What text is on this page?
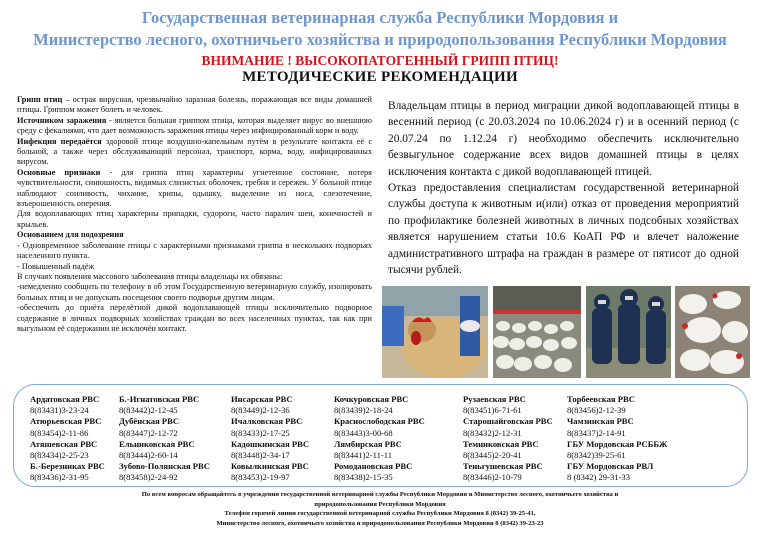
Государственная ветеринарная служба Республики Мордовия и
Министерство лесного, охотничьего хозяйства и природопользования Республики Мордовия
ВНИМАНИЕ ! ВЫСОКОПАТОГЕННЫЙ ГРИПП ПТИЦ!
МЕТОДИЧЕСКИЕ РЕКОМЕНДАЦИИ

Грипп птиц – острая вирусная, чрезвычайно заразная болезнь, поражающая все виды домашней птицы. Гриппом может болеть и человек.

Источником заражения - является больная гриппом птица, которая выделяет вирус во внешнюю среду с фекалиями, что дает возможность заражения птицы через инфицированный корм и воду.

Инфекция передаётся здоровой птице воздушно-капельным путём в результате контакта её с больной, а также через обслуживающий персонал, транспорт, корма, воду, инфицированных вирусом.

Основные признаки - для гриппа птиц характерны угнетенное состояние, потеря чувствительности, синюшность, видимых слизистых оболочек, гребня и сережек. У больной птице наблюдают сонливость, чихание, хрипы, одышку, выделение из носа, слезотечение, взъерошенность оперения.

Для водоплавающих птиц характерны припадки, судороги, часто паралич шеи, конечностей и крыльев.

Основанием для подозрения

- Одновременное заболевание птицы с характерными признаками гриппа в нескольких подворьях населенного пункта.

- Повышенный падёж

В случаях появления массового заболевания птицы владельцы их обязаны:

-немедленно сообщить по телефону в об этом Государственную ветеринарную службу, изолировать больных птиц и не допускать посещения своего подворья другим лицам.

-обеспечить до приёта перелётной дикой водоплавающей птицы исключительно подворное содержание в личных подворных хозяйствах граждан во всех населенных пунктах, так как при выгульном её содержании не исключён контакт.

Владельцам птицы в период миграции дикой водоплавающей птицы в весенний период (с 20.03.2024 по 10.06.2024 г) и в осенний период (с 20.07.24 по 1.12.24 г) необходимо обеспечить исключительно безвыгульное содержание всех видов домашней птицы в целях исключения контакта с дикой водоплавающей птицей.

Отказ предоставления специалистам государственной ветеринарной службы доступа к животным и(или) отказ от проведения мероприятий по профилактике болезней животных в личных подсобных хозяйствах является нарушением статьи 10.6 КоАП РФ и влечет наложение административного штрафа на граждан в размере от пятисот до одной тысячи рублей.

Ардатовская РВС
8(83431)3-23-24
Атюрьевская РВС
8(83454)2-11-86
Атяшевская РВС
8(83434)2-25-23
Б.-Березниках РВС
8(83436)2-31-95
Б.-Игнатовская РВС
8(83442)2-12-45
Дубёнская РВС
8(83447)2-12-72
Ельниковская РВС
8(83444)2-60-14
Зубово-Полянская РВС
8(83458)2-24-92
Инсарская РВС
8(83449)2-12-36
Ичалковская РВС
8(83433)2-17-25
Кадошкинская РВС
8(83448)2-34-17
Ковылкинская РВС
8(83453)2-19-97
Кочкуровская РВС
8(83439)2-18-24
Краснослободская РВС
8(83443)3-00-68
Лямбирская РВС
8(83441)2-11-11
Ромодановская РВС
8(83438)2-15-35
Рузаевская РВС
8(83451)6-71-61
Старошайговская РВС
8(83432)2-12-31
Темниковская РВС
8(83445)2-20-41
Теньгушевская РВС
8(83446)2-10-79
Торбеевская РВС
8(83456)2-12-39
Чамзинская РВС
8(83437)2-14-91
ГБУ Мордовская РСББЖ
8(8342)39-25-61
ГБУ Мордовская РВЛ
8 (8342) 29-31-33
По всем вопросам обращайтесь в учреждения государственной ветеринарной службы Республики Мордовия и Министерство лесного, охотничьего хозяйства и
природопользования Республики Мордовия
Телефон горячей линии государственной ветеринарной службы Республики Мордовия 8 (8342) 39-25-41,
Министерство лесного, охотничьего хозяйства и природопользования Республики Мордовия 8 (8342) 39-23-23
